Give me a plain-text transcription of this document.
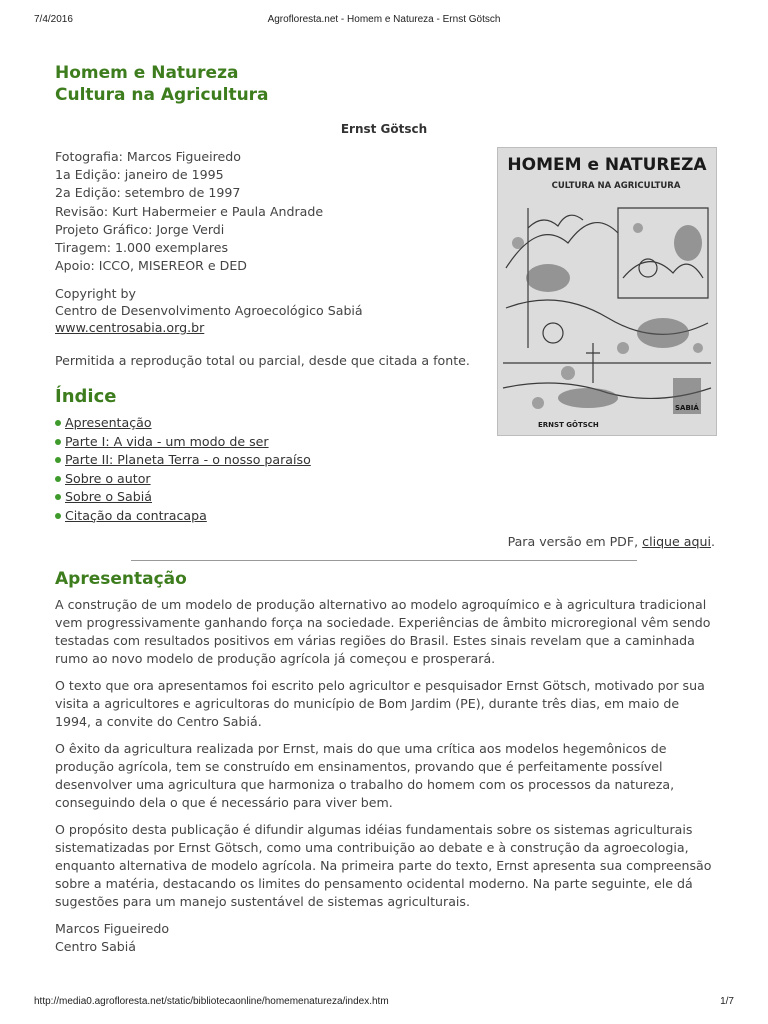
7/4/2016	Agrofloresta.net - Homem e Natureza - Ernst Götsch
Homem e Natureza
Cultura na Agricultura
Ernst Götsch
Fotografia: Marcos Figueiredo
1a Edição: janeiro de 1995
2a Edição: setembro de 1997
Revisão: Kurt Habermeier e Paula Andrade
Projeto Gráfico: Jorge Verdi
Tiragem: 1.000 exemplares
Apoio: ICCO, MISEREOR e DED
Copyright by
Centro de Desenvolvimento Agroecológico Sabiá
www.centrosabia.org.br
Permitida a reprodução total ou parcial, desde que citada a fonte.
HOMEM e NATUREZA
CULTURA NA AGRICULTURA
ERNST GÖTSCH
SABIÁ
Índice
Apresentação
Parte I: A vida - um modo de ser
Parte II: Planeta Terra - o nosso paraíso
Sobre o autor
Sobre o Sabiá
Citação da contracapa
Para versão em PDF, clique aqui.
Apresentação

A construção de um modelo de produção alternativo ao modelo agroquímico e à agricultura tradicional vem progressivamente ganhando força na sociedade. Experiências de âmbito microregional vêm sendo testadas com resultados positivos em várias regiões do Brasil. Estes sinais revelam que a caminhada rumo ao novo modelo de produção agrícola já começou e prosperará.

O texto que ora apresentamos foi escrito pelo agricultor e pesquisador Ernst Götsch, motivado por sua visita a agricultores e agricultoras do município de Bom Jardim (PE), durante três dias, em maio de 1994, a convite do Centro Sabiá.

O êxito da agricultura realizada por Ernst, mais do que uma crítica aos modelos hegemônicos de produção agrícola, tem se construído em ensinamentos, provando que é perfeitamente possível desenvolver uma agricultura que harmoniza o trabalho do homem com os processos da natureza, conseguindo dela o que é necessário para viver bem.

O propósito desta publicação é difundir algumas idéias fundamentais sobre os sistemas agriculturais sistematizadas por Ernst Götsch, como uma contribuição ao debate e à construção da agroecologia, enquanto alternativa de modelo agrícola. Na primeira parte do texto, Ernst apresenta sua compreensão sobre a matéria, destacando os limites do pensamento ocidental moderno. Na parte seguinte, ele dá sugestões para um manejo sustentável de sistemas agriculturais.

Marcos Figueiredo
Centro Sabiá
http://media0.agrofloresta.net/static/bibliotecaonline/homemenatureza/index.htm	1/7
